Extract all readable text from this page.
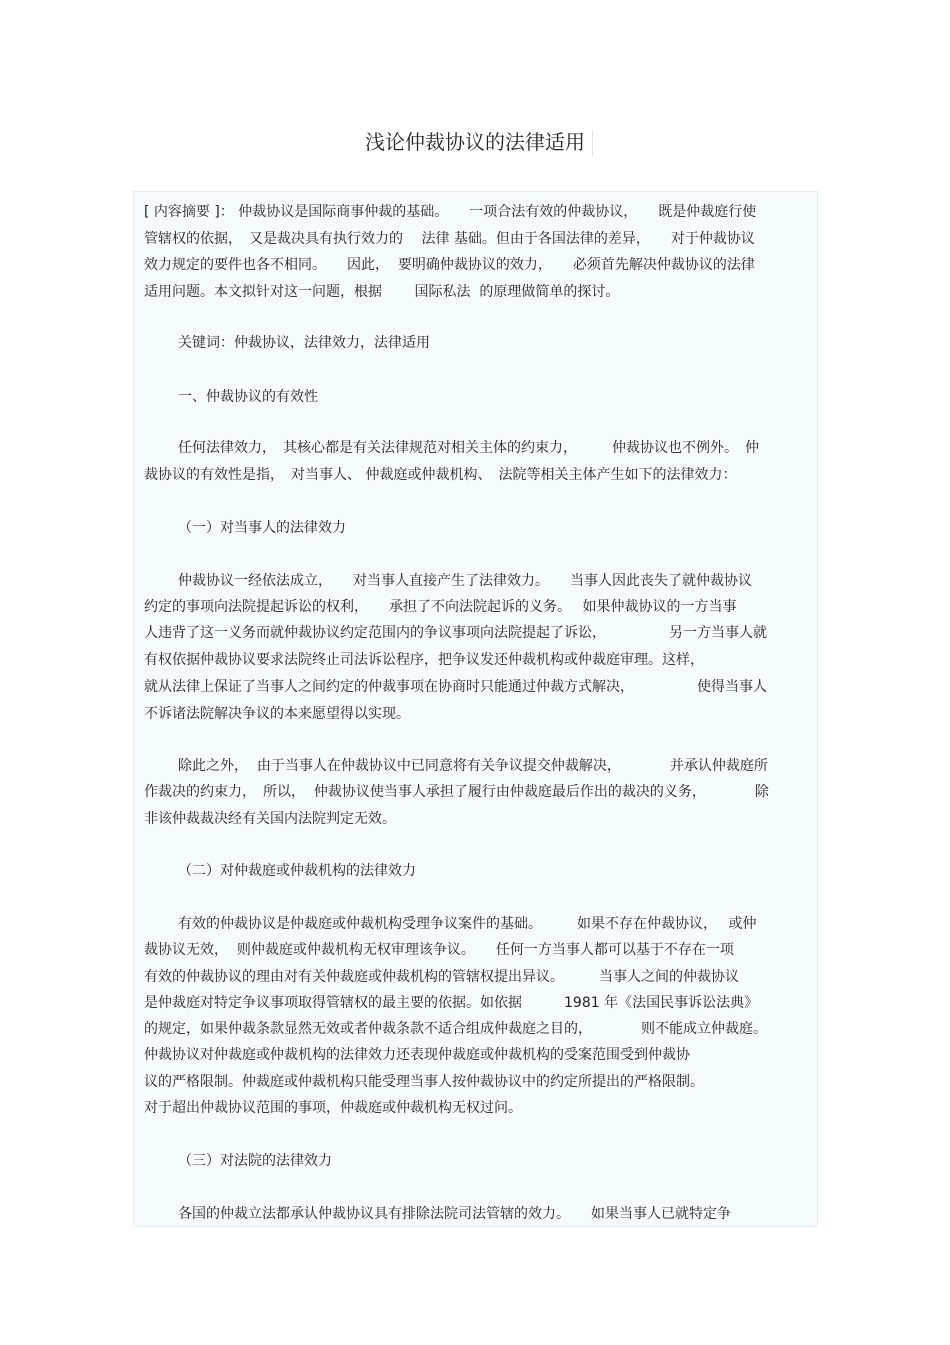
浅论仲裁协议的法律适用
[ 内容摘要 ]： 仲裁协议是国际商事仲裁的基础。　　一项合法有效的仲裁协议，　　既是仲裁庭行使
管辖权的依据，　又是裁决具有执行效力的　 法律 基础。但由于各国法律的差异，　　对于仲裁协议
效力规定的要件也各不相同。　　因此，  要明确仲裁协议的效力，　　必须首先解决仲裁协议的法律
适用问题。本文拟针对这一问题，根据　　 国际私法  的原理做简单的探讨。
关键词：仲裁协议，法律效力，法律适用
一、仲裁协议的有效性
任何法律效力，　其核心都是有关法律规范对相关主体的约束力，　　　仲裁协议也不例外。　仲
裁协议的有效性是指，　对当事人、 仲裁庭或仲裁机构、　法院等相关主体产生如下的法律效力：
（一）对当事人的法律效力
仲裁协议一经依法成立，　　对当事人直接产生了法律效力。　　当事人因此丧失了就仲裁协议
约定的事项向法院提起诉讼的权利，　　承担了不向法院起诉的义务。　 如果仲裁协议的一方当事
人违背了这一义务而就仲裁协议约定范围内的争议事项向法院提起了诉讼，　　　　　另一方当事人就
有权依据仲裁协议要求法院终止司法诉讼程序，把争议发还仲裁机构或仲裁庭审理。这样，
就从法律上保证了当事人之间约定的仲裁事项在协商时只能通过仲裁方式解决，　　　　　使得当事人
不诉诸法院解决争议的本来愿望得以实现。
除此之外，  由于当事人在仲裁协议中已同意将有关争议提交仲裁解决，　　　　并承认仲裁庭所
作裁决的约束力，　所以，  仲裁协议使当事人承担了履行由仲裁庭最后作出的裁决的义务，　　　　除
非该仲裁裁决经有关国内法院判定无效。
（二）对仲裁庭或仲裁机构的法律效力
有效的仲裁协议是仲裁庭或仲裁机构受理争议案件的基础。　　　如果不存在仲裁协议，　 或仲
裁协议无效，  则仲裁庭或仲裁机构无权审理该争议。　　任何一方当事人都可以基于不存在一项
有效的仲裁协议的理由对有关仲裁庭或仲裁机构的管辖权提出异议。　　　当事人之间的仲裁协议
是仲裁庭对特定争议事项取得管辖权的最主要的依据。如依据　　　1981 年《法国民事诉讼法典》
的规定，如果仲裁条款显然无效或者仲裁条款不适合组成仲裁庭之目的，　　　　则不能成立仲裁庭。
仲裁协议对仲裁庭或仲裁机构的法律效力还表现仲裁庭或仲裁机构的受案范围受到仲裁协
议的严格限制。仲裁庭或仲裁机构只能受理当事人按仲裁协议中的约定所提出的严格限制。
对于超出仲裁协议范围的事项，仲裁庭或仲裁机构无权过问。
（三）对法院的法律效力
各国的仲裁立法都承认仲裁协议具有排除法院司法管辖的效力。　　如果当事人已就特定争
